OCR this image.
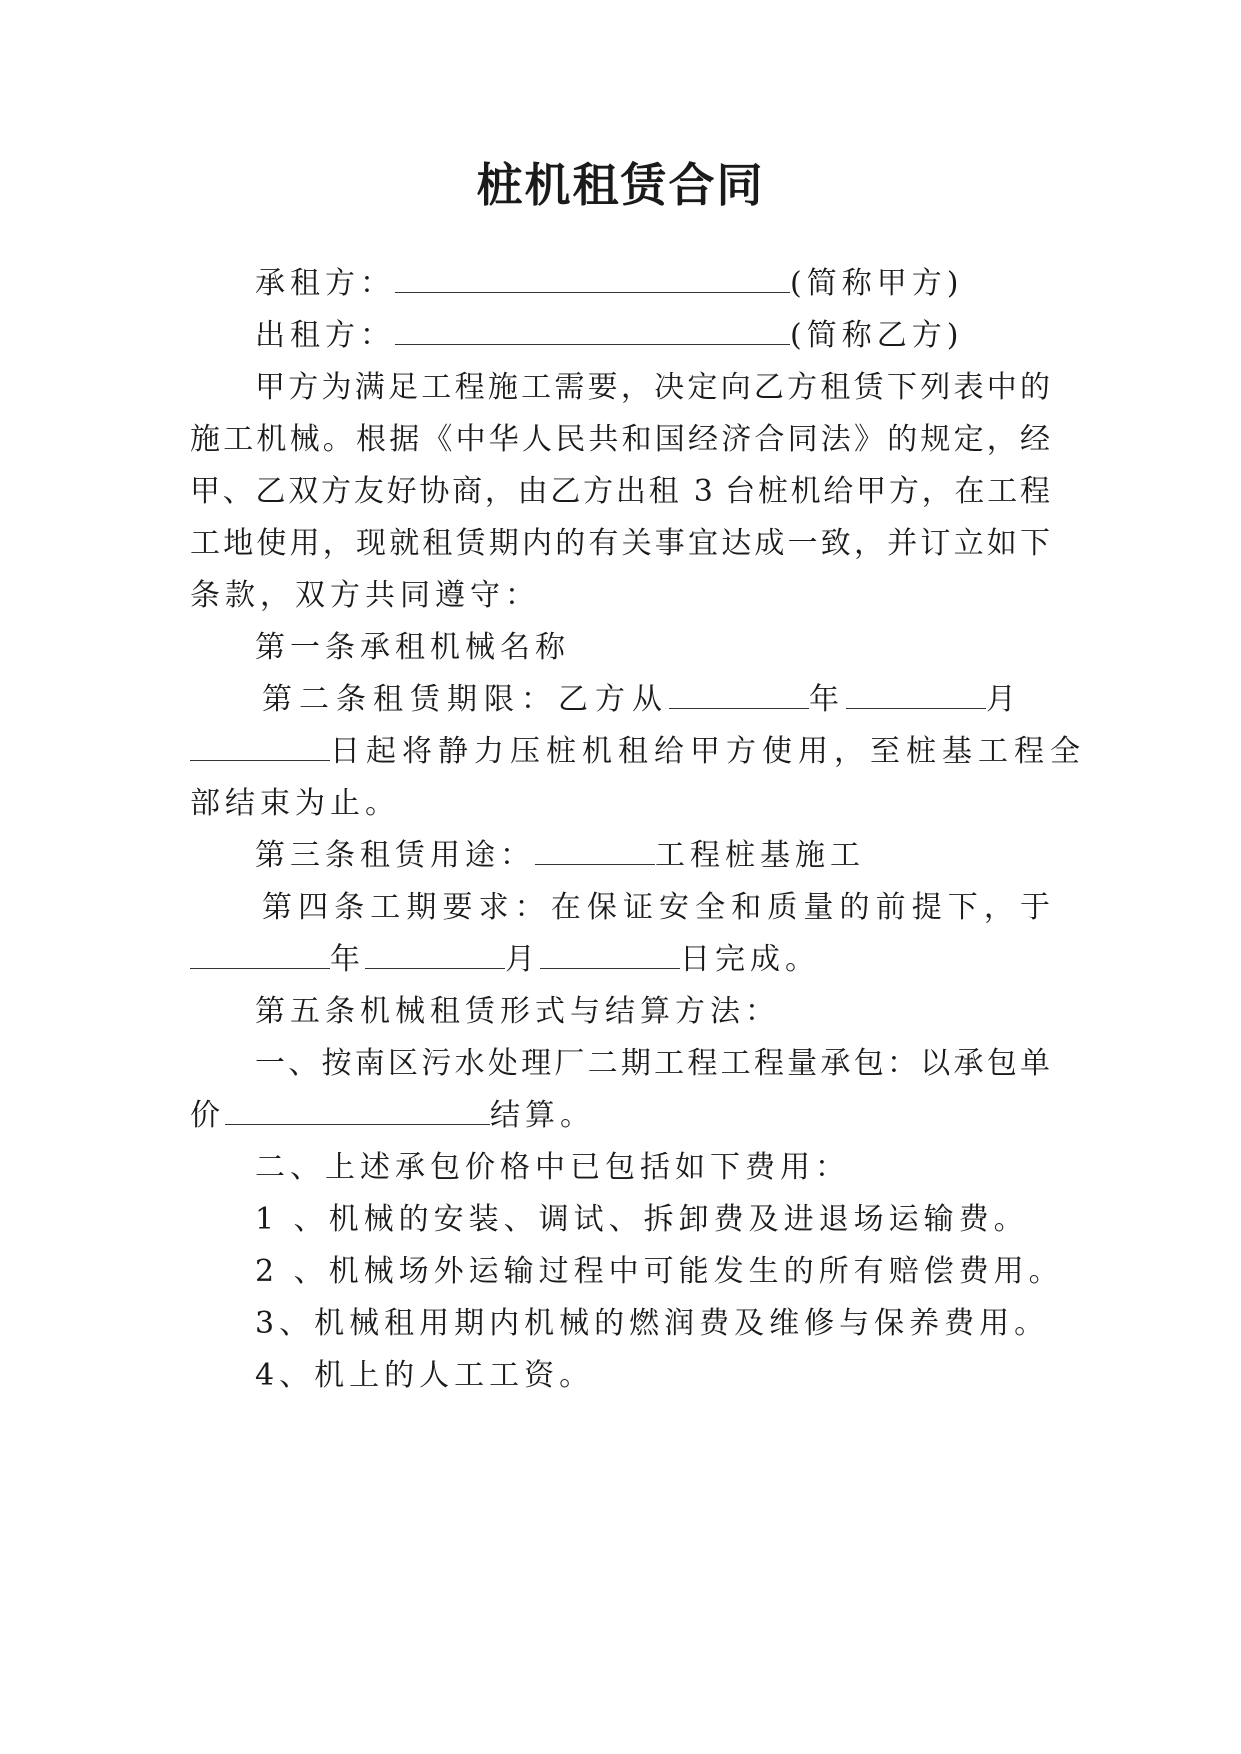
桩机租赁合同
承租方：	(简称甲方)
出租方：	(简称乙方)
甲方为满足工程施工需要，决定向乙方租赁下列表中的
施工机械。根据《中华人民共和国经济合同法》的规定，经
甲、乙双方友好协商，由乙方出租 3 台桩机给甲方，在工程
工地使用，现就租赁期内的有关事宜达成一致，并订立如下
条款，双方共同遵守：
第一条承租机械名称
第二条租赁期限：乙方从	年	月
日起将静力压桩机租给甲方使用，至桩基工程全
部结束为止。
第三条租赁用途：	工程桩基施工
第四条工期要求：在保证安全和质量的前提下，于
年	月	日完成。
第五条机械租赁形式与结算方法：
一、按南区污水处理厂二期工程工程量承包：以承包单
价	结算。
二、上述承包价格中已包括如下费用：
1 、机械的安装、调试、拆卸费及进退场运输费。
2 、机械场外运输过程中可能发生的所有赔偿费用。
3、机械租用期内机械的燃润费及维修与保养费用。
4、机上的人工工资。
